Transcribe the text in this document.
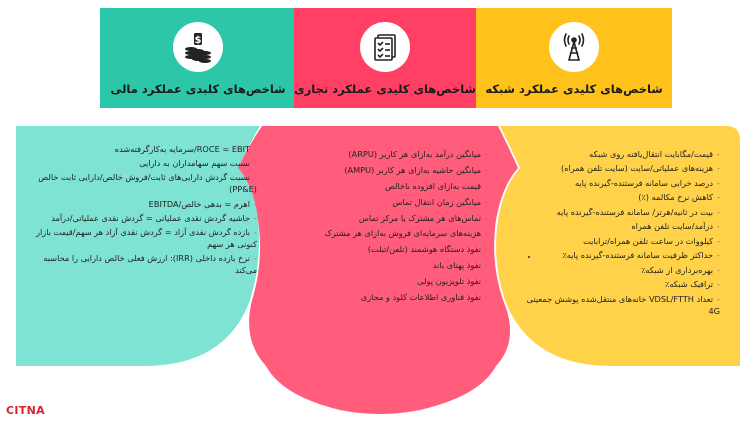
$
شاخص‌های کلبدی عملکرد مالی شاخص‌های کلیدی عملکرد تجاری شاخص‌های کلیدی عملکرد شبکه
-ROCE = EBIT/سرمایه به‌کارگرفته‌شده
-نسبت سهم سهامداران به دارایی
-نسبت گردش دارایی‌های ثابت/فروش خالص/دارایی ثابت خالص (PP&E)
-اهرم = بدهی خالص/EBITDA
-حاشیه گردش نقدی عملیاتی = گردش نقدی عملیاتی/درآمد
-بازده گردش نقدی آزاد = گردش نقدی آزاد هر سهم/قیمت بازار کنونی هر سهم
-نرخ بازده داخلی (IRR): ارزش فعلی خالص دارایی را محاسبه می‌کند
-میانگین درآمد به‌ازای هر کاربر (ARPU)
-میانگین حاشیه به‌ازای هر کاربر (AMPU)
-قیمت به‌ازای افزوده ناخالص
-میانگین زمان انتقال تماس
-تماس‌های هر مشترک یا مرکز تماس
-هزینه‌های سرمایه‌ای فروش به‌ازای هر مشترک
-نفوذ دستگاه هوشمند (تلفن/تبلت)
-نفوذ پهنای باند
-نفوذ تلویزیون پولی
-نفوذ فناوری اطلاعات کلود و مجازی
-قیمت/مگابایت انتقال‌یافته روی شبکه
-هزینه‌های عملیاتی/سایت (سایت تلفن همراه)
-درصد خرابی سامانه فرستنده-گیرنده پایه
-کاهش نرخ مکالمه (٪)
-بیت در ثانیه/هرتز/ سامانه فرستنده-گیرنده پایه
-درآمد/سایت تلفن همراه
-کیلووات در ساعت تلفن همراه/ترابایت
-حداکثر ظرفیت سامانه فرستنده-گیرنده پایه٪
-بهره‌برداری از شبکه٪
-ترافیک شبکه٪
-تعداد VDSL/FTTH خانه‌های منتقل‌شده پوشش جمعیتی 4G
CITNA
